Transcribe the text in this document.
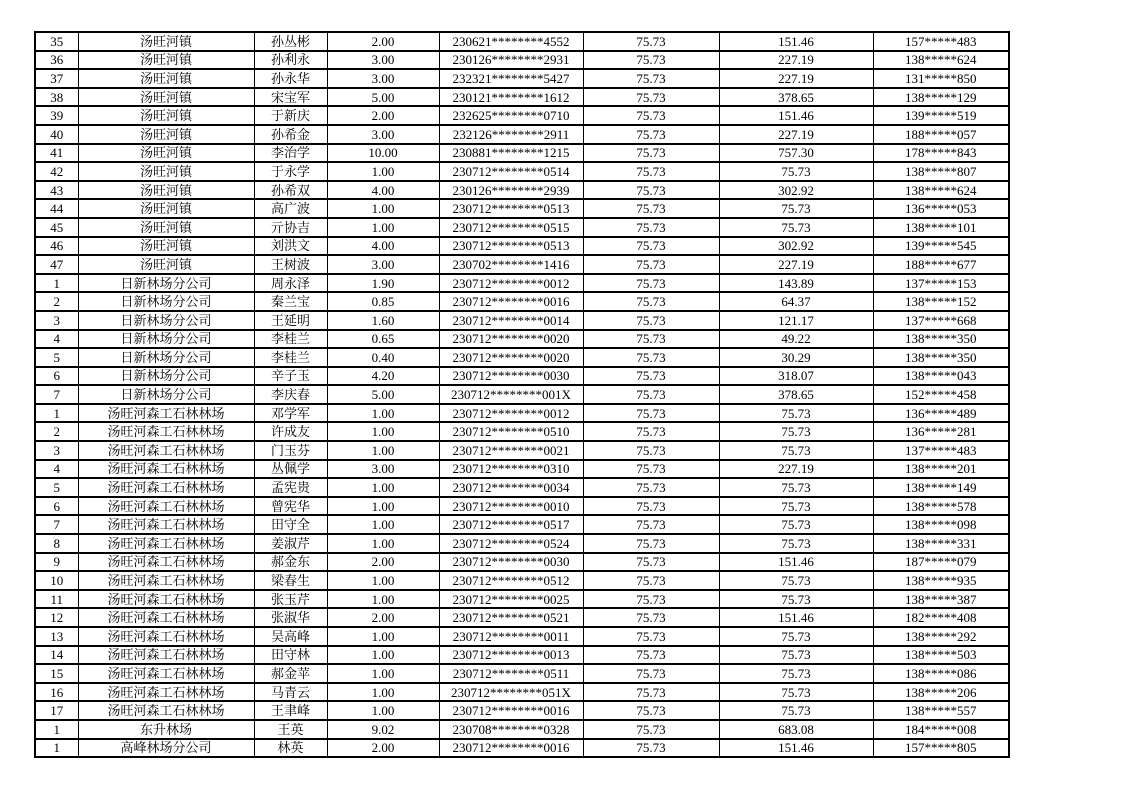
35	汤旺河镇	孙丛彬	2.00	230621********4552	75.73	151.46	157*****483
36	汤旺河镇	孙利永	3.00	230126********2931	75.73	227.19	138*****624
37	汤旺河镇	孙永华	3.00	232321********5427	75.73	227.19	131*****850
38	汤旺河镇	宋宝军	5.00	230121********1612	75.73	378.65	138*****129
39	汤旺河镇	于新庆	2.00	232625********0710	75.73	151.46	139*****519
40	汤旺河镇	孙希金	3.00	232126********2911	75.73	227.19	188*****057
41	汤旺河镇	李治学	10.00	230881********1215	75.73	757.30	178*****843
42	汤旺河镇	于永学	1.00	230712********0514	75.73	75.73	138*****807
43	汤旺河镇	孙希双	4.00	230126********2939	75.73	302.92	138*****624
44	汤旺河镇	高广波	1.00	230712********0513	75.73	75.73	136*****053
45	汤旺河镇	亓协吉	1.00	230712********0515	75.73	75.73	138*****101
46	汤旺河镇	刘洪文	4.00	230712********0513	75.73	302.92	139*****545
47	汤旺河镇	王树波	3.00	230702********1416	75.73	227.19	188*****677
1	日新林场分公司	周永泽	1.90	230712********0012	75.73	143.89	137*****153
2	日新林场分公司	秦兰宝	0.85	230712********0016	75.73	64.37	138*****152
3	日新林场分公司	王延明	1.60	230712********0014	75.73	121.17	137*****668
4	日新林场分公司	李桂兰	0.65	230712********0020	75.73	49.22	138*****350
5	日新林场分公司	李桂兰	0.40	230712********0020	75.73	30.29	138*****350
6	日新林场分公司	辛子玉	4.20	230712********0030	75.73	318.07	138*****043
7	日新林场分公司	李庆春	5.00	230712********001X	75.73	378.65	152*****458
1	汤旺河森工石林林场	邓学军	1.00	230712********0012	75.73	75.73	136*****489
2	汤旺河森工石林林场	许成友	1.00	230712********0510	75.73	75.73	136*****281
3	汤旺河森工石林林场	门玉芬	1.00	230712********0021	75.73	75.73	137*****483
4	汤旺河森工石林林场	丛佩学	3.00	230712********0310	75.73	227.19	138*****201
5	汤旺河森工石林林场	孟宪贵	1.00	230712********0034	75.73	75.73	138*****149
6	汤旺河森工石林林场	曾宪华	1.00	230712********0010	75.73	75.73	138*****578
7	汤旺河森工石林林场	田守全	1.00	230712********0517	75.73	75.73	138*****098
8	汤旺河森工石林林场	姜淑芹	1.00	230712********0524	75.73	75.73	138*****331
9	汤旺河森工石林林场	郝金东	2.00	230712********0030	75.73	151.46	187*****079
10	汤旺河森工石林林场	梁春生	1.00	230712********0512	75.73	75.73	138*****935
11	汤旺河森工石林林场	张玉芹	1.00	230712********0025	75.73	75.73	138*****387
12	汤旺河森工石林林场	张淑华	2.00	230712********0521	75.73	151.46	182*****408
13	汤旺河森工石林林场	吴高峰	1.00	230712********0011	75.73	75.73	138*****292
14	汤旺河森工石林林场	田守林	1.00	230712********0013	75.73	75.73	138*****503
15	汤旺河森工石林林场	郝金苹	1.00	230712********0511	75.73	75.73	138*****086
16	汤旺河森工石林林场	马青云	1.00	230712********051X	75.73	75.73	138*****206
17	汤旺河森工石林林场	王聿峰	1.00	230712********0016	75.73	75.73	138*****557
1	东升林场	王英	9.02	230708********0328	75.73	683.08	184*****008
1	高峰林场分公司	林英	2.00	230712********0016	75.73	151.46	157*****805
